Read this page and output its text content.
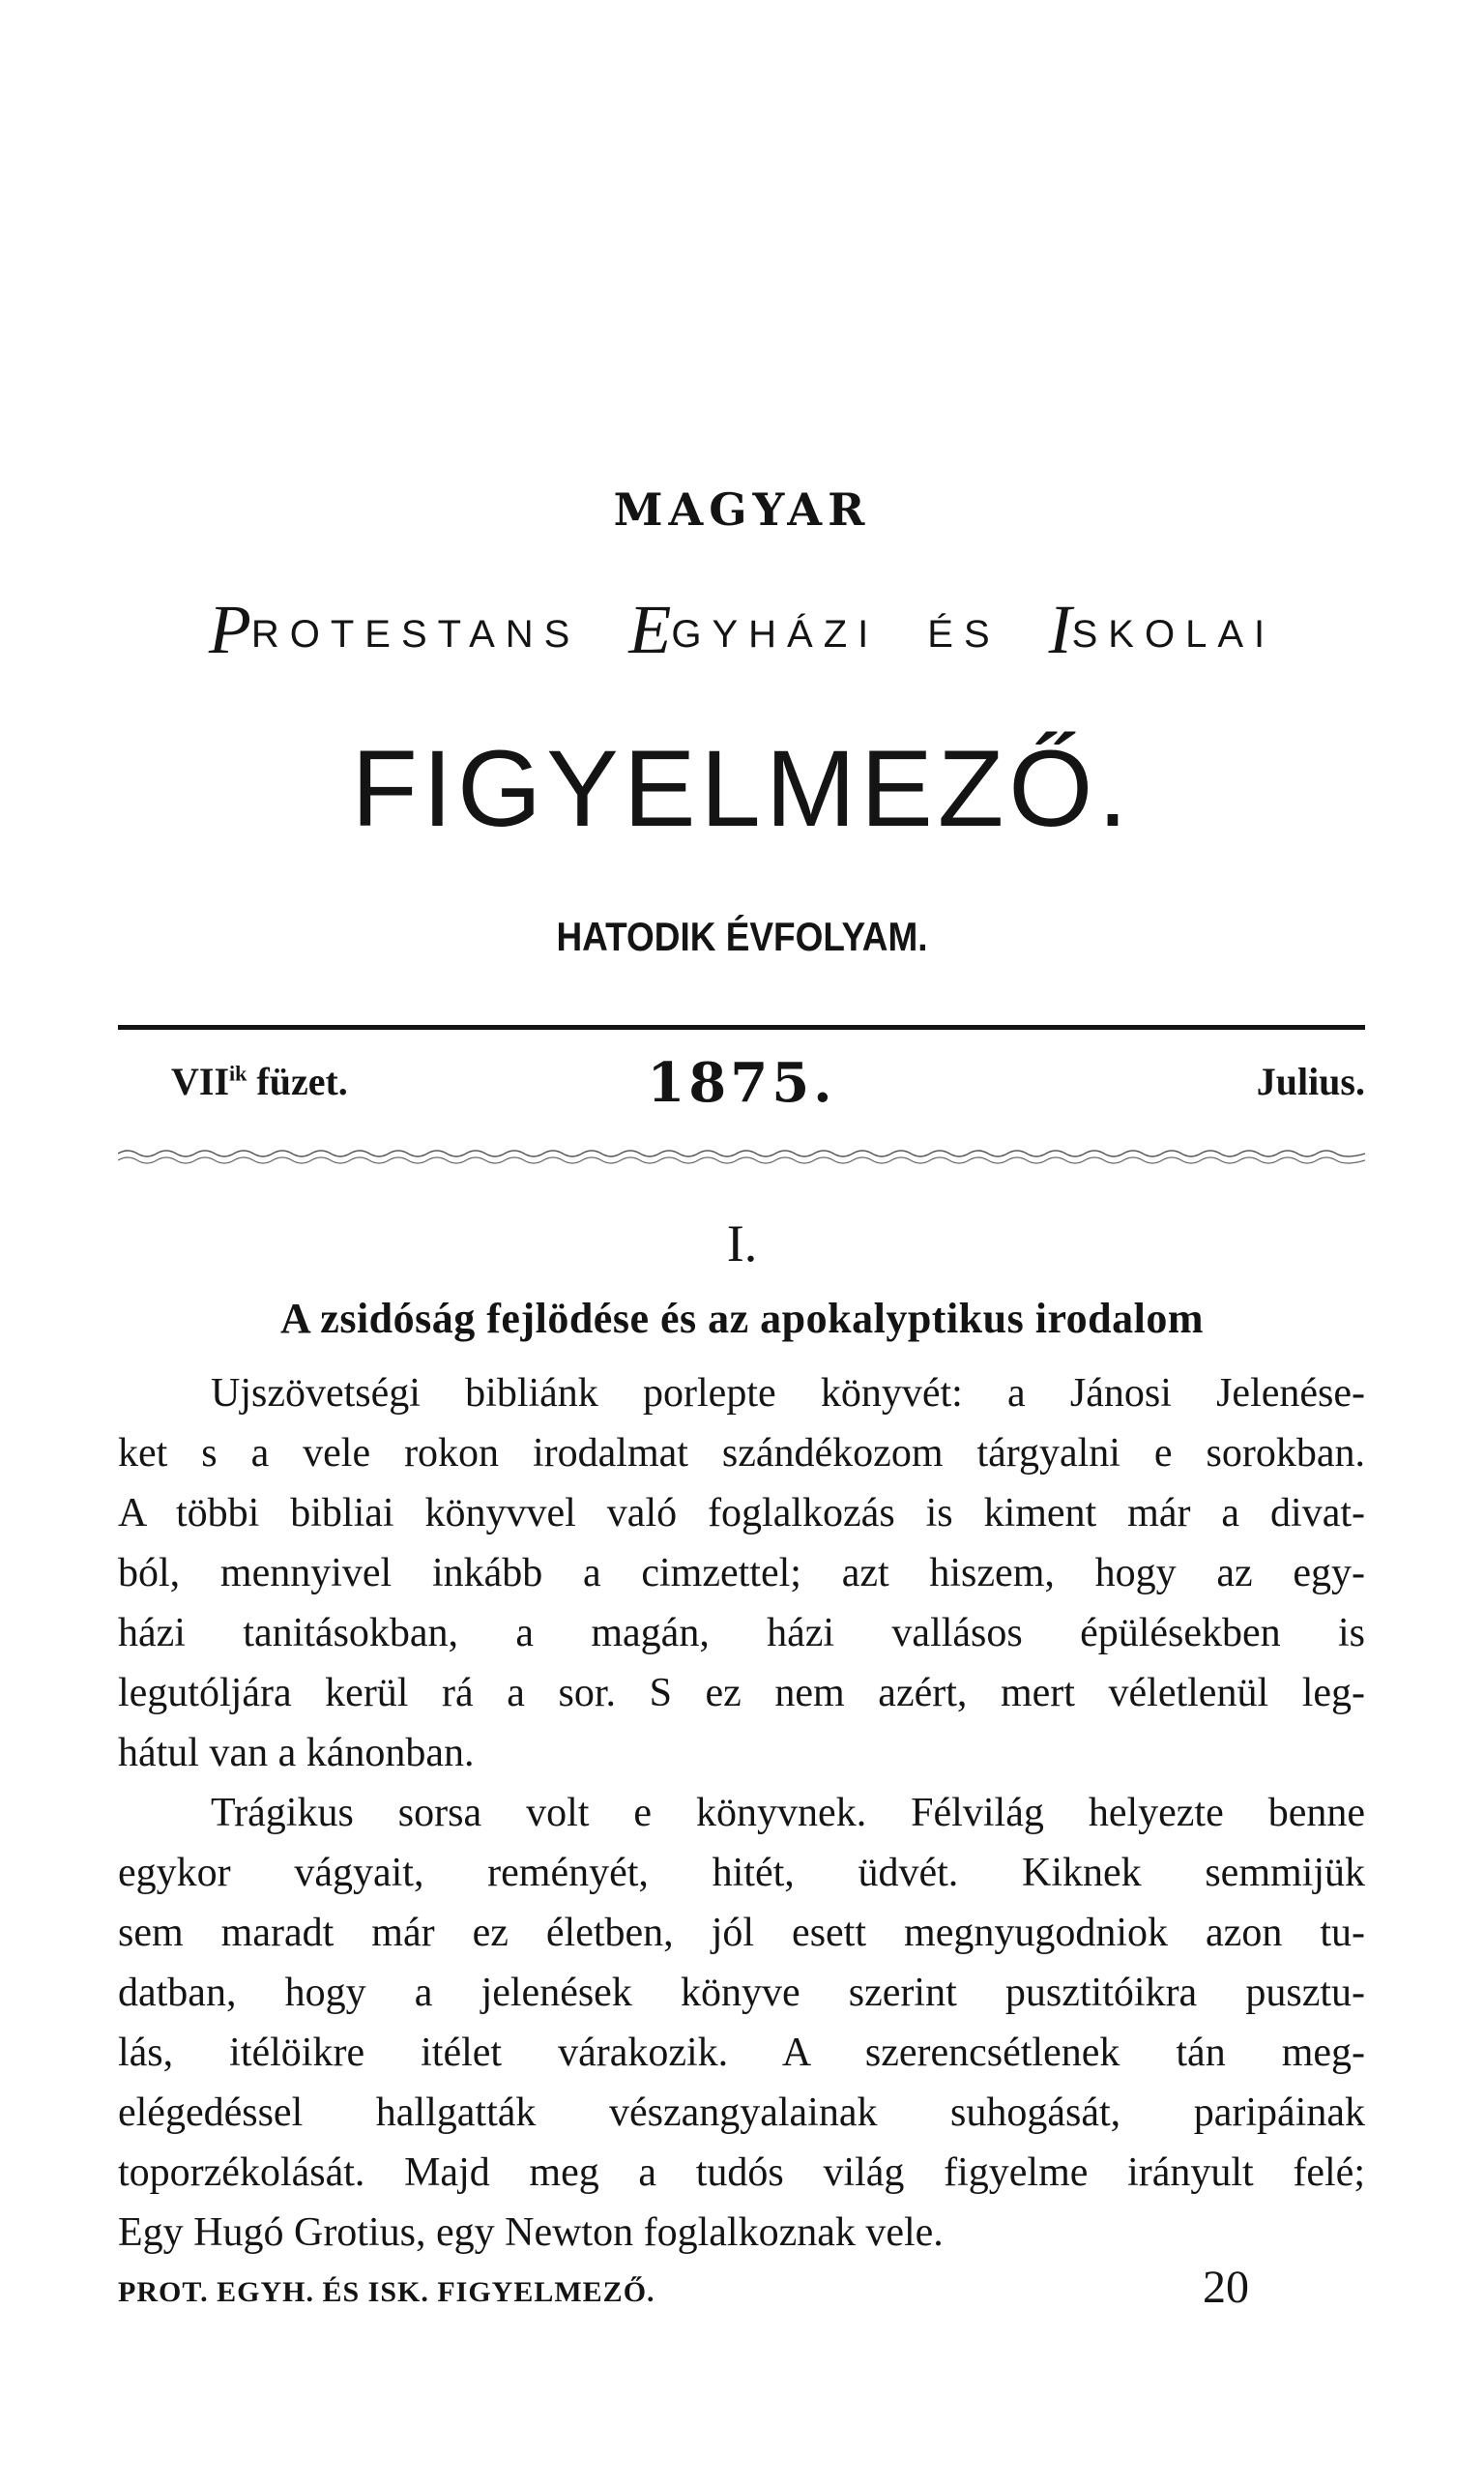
MAGYAR
PROTESTANS EGYHÁZI ÉS ISKOLAI
FIGYELMEZŐ.
HATODIK ÉVFOLYAM.
$VII^{ik}$ füzet.	1875.	Julius.
I.
A zsidóság fejlödése és az apokalyptikus irodalom
Ujszövetségi bibliánk porlepte könyvét: a Jánosi Jelenése-
ket s a vele rokon irodalmat szándékozom tárgyalni e sorokban.
A többi bibliai könyvvel való foglalkozás is kiment már a divat-
ból, mennyivel inkább a cimzettel; azt hiszem, hogy az egy-
házi tanitásokban, a magán, házi vallásos épülésekben is
legutóljára kerül rá a sor. S ez nem azért, mert véletlenül leg-
hátul van a kánonban.
Trágikus sorsa volt e könyvnek. Félvilág helyezte benne
egykor vágyait, reményét, hitét, üdvét. Kiknek semmijük
sem maradt már ez életben, jól esett megnyugodniok azon tu-
datban, hogy a jelenések könyve szerint pusztitóikra pusztu-
lás, itélöikre itélet várakozik. A szerencsétlenek tán meg-
elégedéssel hallgatták vészangyalainak suhogását, paripáinak
toporzékolását. Majd meg a tudós világ figyelme irányult felé;
Egy Hugó Grotius, egy Newton foglalkoznak vele.
PROT. EGYH. ÉS ISK. FIGYELMEZŐ.	20
